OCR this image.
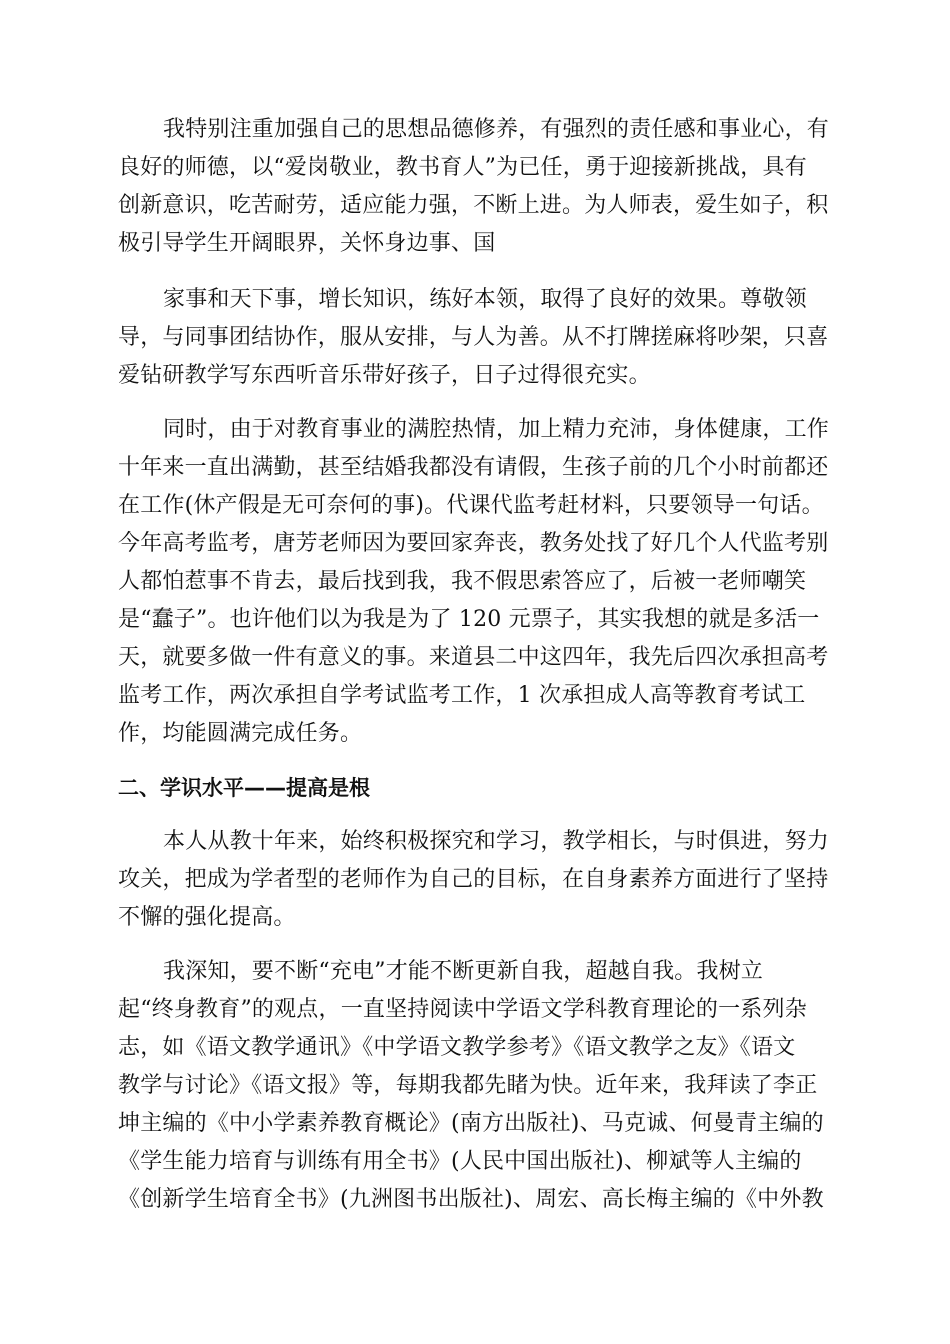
我特别注重加强自己的思想品德修养，有强烈的责任感和事业心，有
良好的师德，以“爱岗敬业，教书育人”为已任，勇于迎接新挑战，具有
创新意识，吃苦耐劳，适应能力强，不断上进。为人师表，爱生如子，积
极引导学生开阔眼界，关怀身边事、国
家事和天下事，增长知识，练好本领，取得了良好的效果。尊敬领
导，与同事团结协作，服从安排，与人为善。从不打牌搓麻将吵架，只喜
爱钻研教学写东西听音乐带好孩子，日子过得很充实。
同时，由于对教育事业的满腔热情，加上精力充沛，身体健康，工作
十年来一直出满勤，甚至结婚我都没有请假，生孩子前的几个小时前都还
在工作(休产假是无可奈何的事)。代课代监考赶材料，只要领导一句话。
今年高考监考，唐芳老师因为要回家奔丧，教务处找了好几个人代监考别
人都怕惹事不肯去，最后找到我，我不假思索答应了，后被一老师嘲笑
是“蠢子”。也许他们以为我是为了 120 元票子，其实我想的就是多活一
天，就要多做一件有意义的事。来道县二中这四年，我先后四次承担高考
监考工作，两次承担自学考试监考工作，1 次承担成人高等教育考试工
作，均能圆满完成任务。
二、学识水平——提高是根
本人从教十年来，始终积极探究和学习，教学相长，与时俱进，努力
攻关，把成为学者型的老师作为自己的目标，在自身素养方面进行了坚持
不懈的强化提高。
我深知，要不断“充电”才能不断更新自我，超越自我。我树立
起“终身教育”的观点，一直坚持阅读中学语文学科教育理论的一系列杂
志，如《语文教学通讯》《中学语文教学参考》《语文教学之友》《语文
教学与讨论》《语文报》等，每期我都先睹为快。近年来，我拜读了李正
坤主编的《中小学素养教育概论》(南方出版社)、马克诚、何曼青主编的
《学生能力培育与训练有用全书》(人民中国出版社)、柳斌等人主编的
《创新学生培育全书》(九洲图书出版社)、周宏、高长梅主编的《中外教
